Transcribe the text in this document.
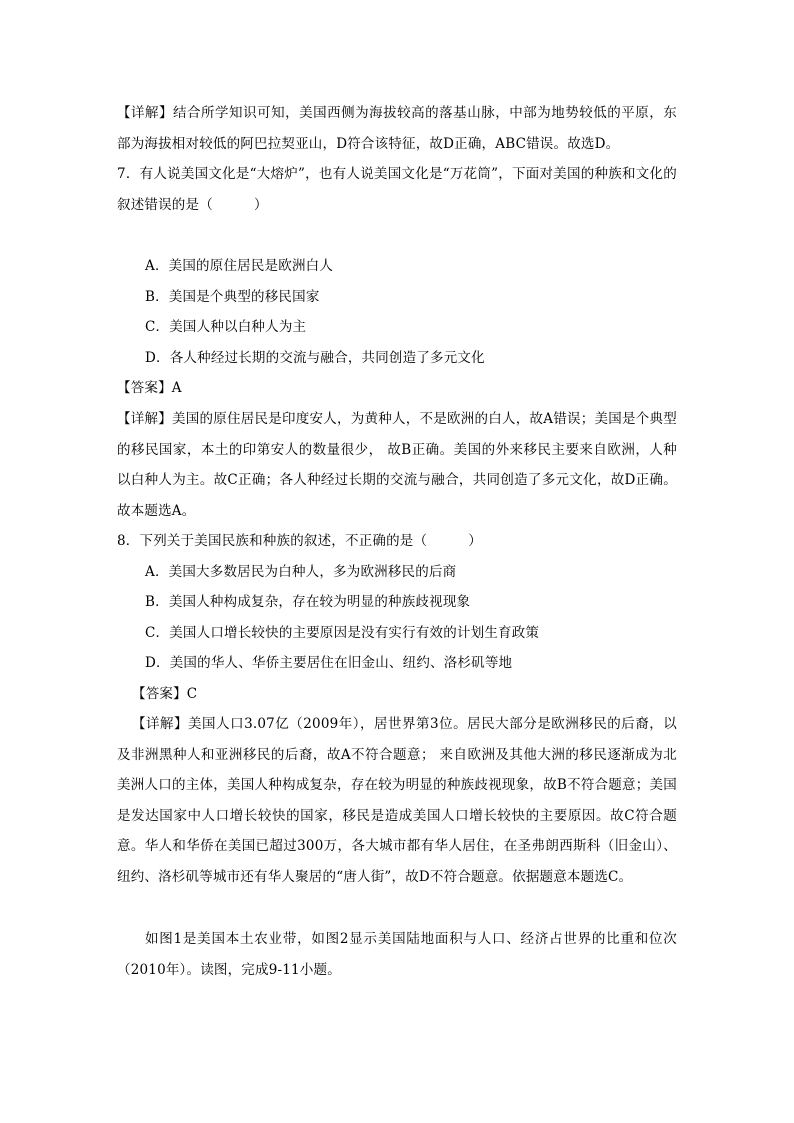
【详解】结合所学知识可知，美国西侧为海拔较高的落基山脉，中部为地势较低的平原，东部为海拔相对较低的阿巴拉契亚山，D符合该特征，故D正确，ABC错误。故选D。

7．有人说美国文化是“大熔炉”，也有人说美国文化是“万花筒”，下面对美国的种族和文化的叙述错误的是（　　　）

A．美国的原住居民是欧洲白人

B．美国是个典型的移民国家

C．美国人种以白种人为主

D．各人种经过长期的交流与融合，共同创造了多元文化

【答案】A

【详解】美国的原住居民是印度安人，为黄种人，不是欧洲的白人，故A错误；美国是个典型的移民国家，本土的印第安人的数量很少， 故B正确。美国的外来移民主要来自欧洲，人种以白种人为主。故C正确；各人种经过长期的交流与融合，共同创造了多元文化，故D正确。故本题选A。

8．下列关于美国民族和种族的叙述，不正确的是（　　　）

A．美国大多数居民为白种人，多为欧洲移民的后商

B．美国人种构成复杂，存在较为明显的种族歧视现象

C．美国人口增长较快的主要原因是没有实行有效的计划生育政策

D．美国的华人、华侨主要居住在旧金山、纽约、洛杉矶等地

【答案】C

【详解】美国人口3.07亿（2009年），居世界第3位。居民大部分是欧洲移民的后裔，以及非洲黑种人和亚洲移民的后裔，故A不符合题意； 来自欧洲及其他大洲的移民逐渐成为北美洲人口的主体，美国人种构成复杂，存在较为明显的种族歧视现象，故B不符合题意；美国是发达国家中人口增长较快的国家，移民是造成美国人口增长较快的主要原因。故C符合题意。华人和华侨在美国已超过300万，各大城市都有华人居住，在圣弗朗西斯科（旧金山）、纽约、洛杉矶等城市还有华人聚居的“唐人街”，故D不符合题意。依据题意本题选C。

如图1是美国本土农业带，如图2显示美国陆地面积与人口、经济占世界的比重和位次（2010年）。读图，完成9-11小题。
